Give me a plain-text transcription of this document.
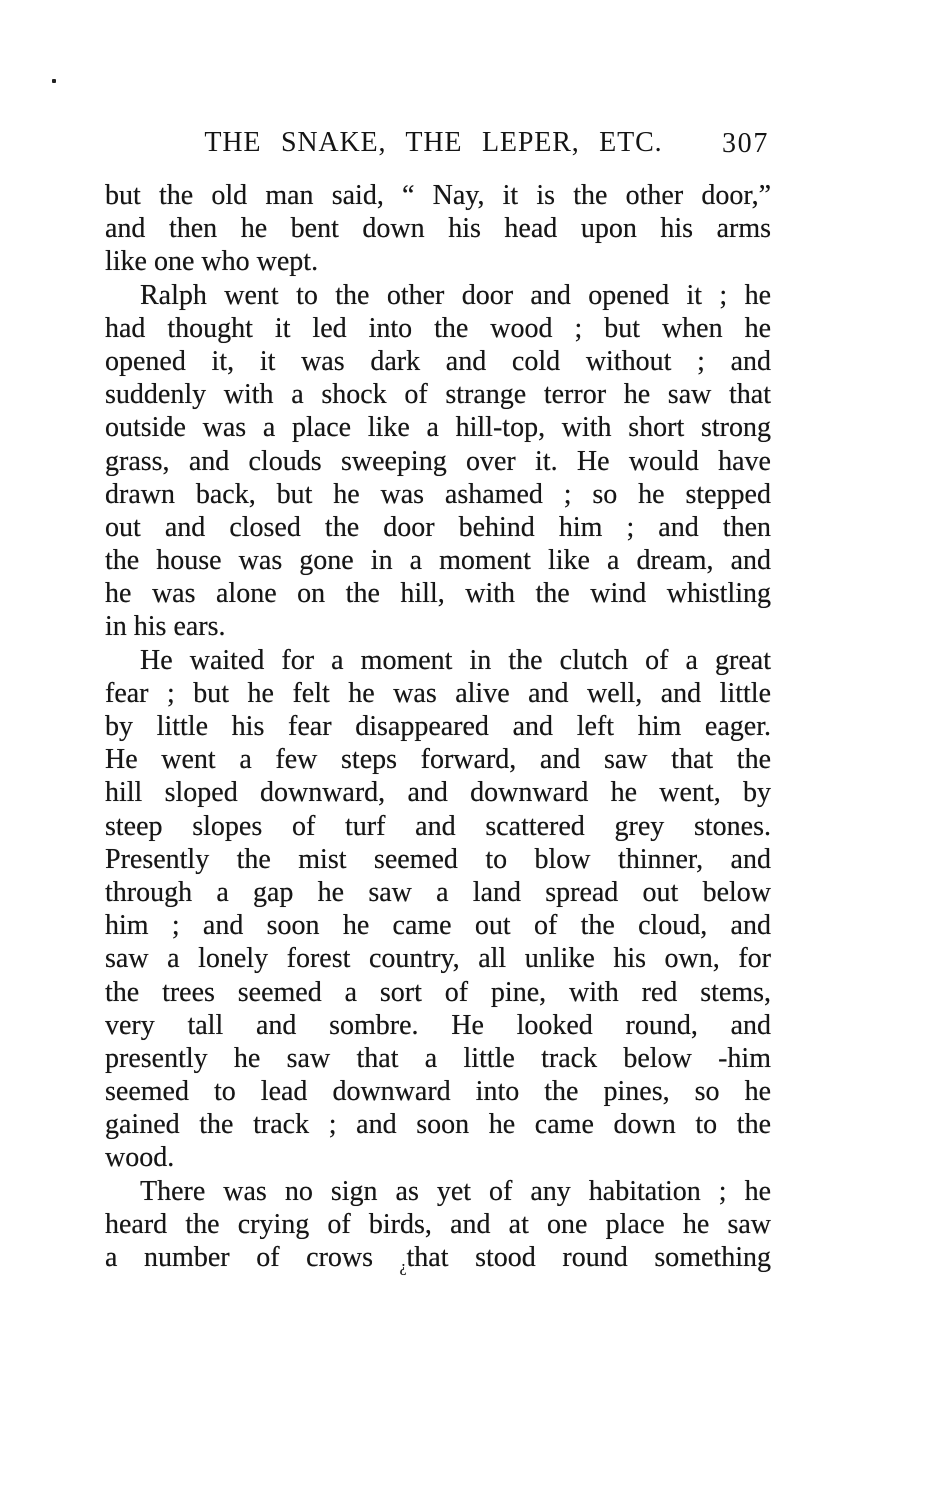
THE SNAKE, THE LEPER, ETC. 307
but the old man said, “ Nay, it is the other door,”
and then he bent down his head upon his arms
like one who wept.
Ralph went to the other door and opened it ; he
had thought it led into the wood ; but when he
opened it, it was dark and cold without ; and
suddenly with a shock of strange terror he saw that
outside was a place like a hill-top, with short strong
grass, and clouds sweeping over it. He would have
drawn back, but he was ashamed ; so he stepped
out and closed the door behind him ; and then
the house was gone in a moment like a dream, and
he was alone on the hill, with the wind whistling
in his ears.
He waited for a moment in the clutch of a great
fear ; but he felt he was alive and well, and little
by little his fear disappeared and left him eager.
He went a few steps forward, and saw that the
hill sloped downward, and downward he went, by
steep slopes of turf and scattered grey stones.
Presently the mist seemed to blow thinner, and
through a gap he saw a land spread out below
him ; and soon he came out of the cloud, and
saw a lonely forest country, all unlike his own, for
the trees seemed a sort of pine, with red stems,
very tall and sombre. He looked round, and
presently he saw that a little track below -him
seemed to lead downward into the pines, so he
gained the track ; and soon he came down to the
wood.
There was no sign as yet of any habitation ; he
heard the crying of birds, and at one place he saw
a number of crows ¿that stood round something
